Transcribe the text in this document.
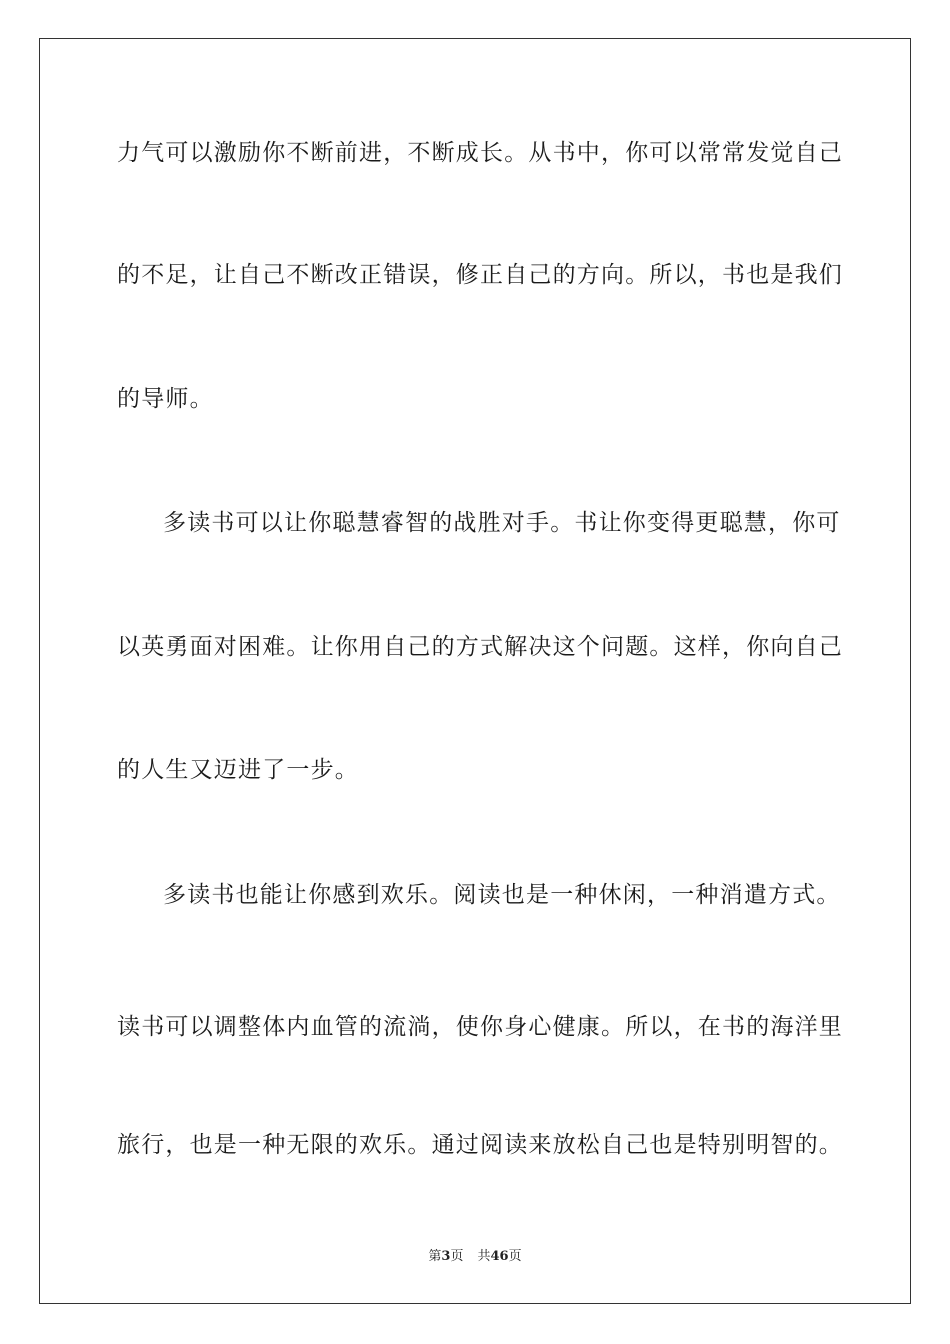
力气可以激励你不断前进，不断成长。从书中，你可以常常发觉自己
的不足，让自己不断改正错误，修正自己的方向。所以，书也是我们
的导师。
多读书可以让你聪慧睿智的战胜对手。书让你变得更聪慧，你可
以英勇面对困难。让你用自己的方式解决这个问题。这样，你向自己
的人生又迈进了一步。
多读书也能让你感到欢乐。阅读也是一种休闲，一种消遣方式。
读书可以调整体内血管的流淌，使你身心健康。所以，在书的海洋里
旅行，也是一种无限的欢乐。通过阅读来放松自己也是特别明智的。
第3页 共46页
